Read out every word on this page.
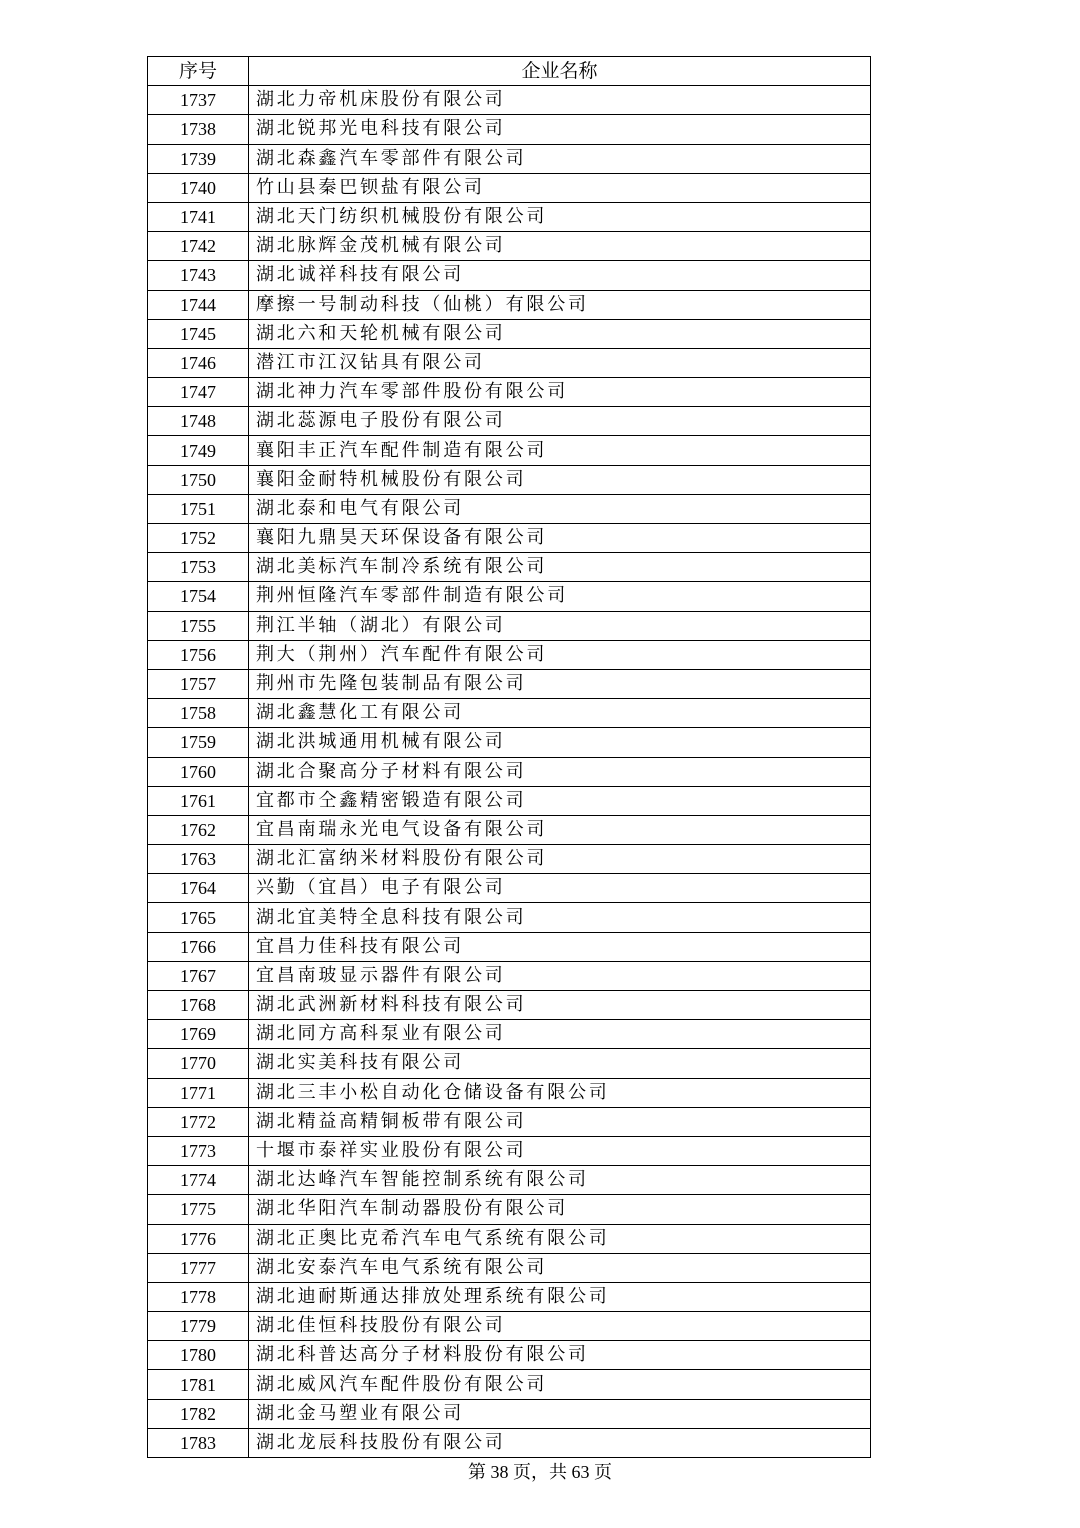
序号	企业名称
1737	湖北力帝机床股份有限公司
1738	湖北锐邦光电科技有限公司
1739	湖北森鑫汽车零部件有限公司
1740	竹山县秦巴钡盐有限公司
1741	湖北天门纺织机械股份有限公司
1742	湖北脉辉金茂机械有限公司
1743	湖北诚祥科技有限公司
1744	摩擦一号制动科技（仙桃）有限公司
1745	湖北六和天轮机械有限公司
1746	潜江市江汉钻具有限公司
1747	湖北神力汽车零部件股份有限公司
1748	湖北蕊源电子股份有限公司
1749	襄阳丰正汽车配件制造有限公司
1750	襄阳金耐特机械股份有限公司
1751	湖北泰和电气有限公司
1752	襄阳九鼎昊天环保设备有限公司
1753	湖北美标汽车制冷系统有限公司
1754	荆州恒隆汽车零部件制造有限公司
1755	荆江半轴（湖北）有限公司
1756	荆大（荆州）汽车配件有限公司
1757	荆州市先隆包装制品有限公司
1758	湖北鑫慧化工有限公司
1759	湖北洪城通用机械有限公司
1760	湖北合聚高分子材料有限公司
1761	宜都市仝鑫精密锻造有限公司
1762	宜昌南瑞永光电气设备有限公司
1763	湖北汇富纳米材料股份有限公司
1764	兴勤（宜昌）电子有限公司
1765	湖北宜美特全息科技有限公司
1766	宜昌力佳科技有限公司
1767	宜昌南玻显示器件有限公司
1768	湖北武洲新材料科技有限公司
1769	湖北同方高科泵业有限公司
1770	湖北实美科技有限公司
1771	湖北三丰小松自动化仓储设备有限公司
1772	湖北精益高精铜板带有限公司
1773	十堰市泰祥实业股份有限公司
1774	湖北达峰汽车智能控制系统有限公司
1775	湖北华阳汽车制动器股份有限公司
1776	湖北正奥比克希汽车电气系统有限公司
1777	湖北安泰汽车电气系统有限公司
1778	湖北迪耐斯通达排放处理系统有限公司
1779	湖北佳恒科技股份有限公司
1780	湖北科普达高分子材料股份有限公司
1781	湖北威风汽车配件股份有限公司
1782	湖北金马塑业有限公司
1783	湖北龙辰科技股份有限公司
第 38 页，共 63 页
